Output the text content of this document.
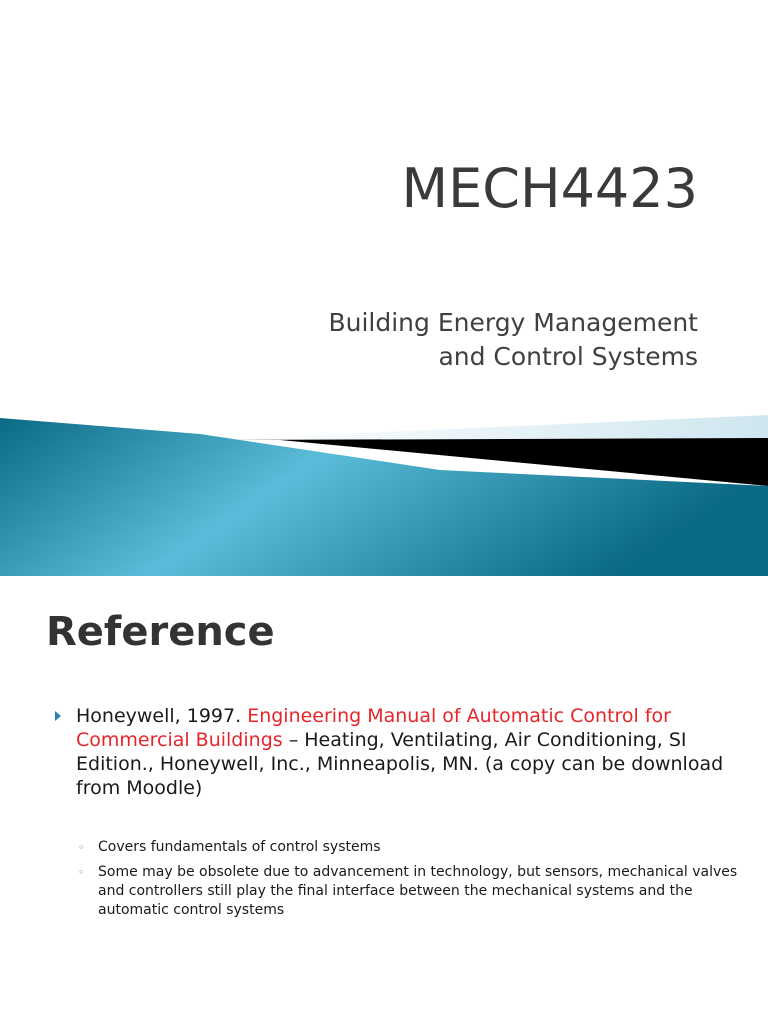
MECH4423
Building Energy Management
and Control Systems
Reference

Honeywell, 1997. Engineering Manual of Automatic Control for Commercial Buildings – Heating, Ventilating, Air Conditioning, SI Edition., Honeywell, Inc., Minneapolis, MN. (a copy can be download from Moodle)

◦ Covers fundamentals of control systems
◦ Some may be obsolete due to advancement in technology, but sensors, mechanical valves and controllers still play the final interface between the mechanical systems and the automatic control systems
